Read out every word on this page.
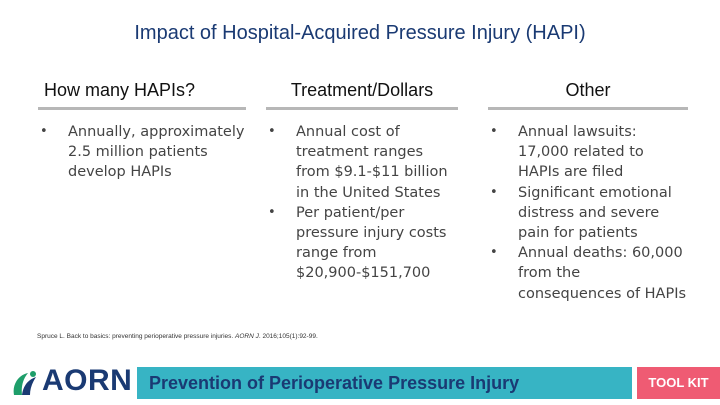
Impact of Hospital-Acquired Pressure Injury (HAPI)
How many HAPIs?
• Annually, approximately 2.5 million patients develop HAPIs
Treatment/Dollars
• Annual cost of treatment ranges from $9.1-$11 billion in the United States
• Per patient/per pressure injury costs range from $20,900-$151,700
Other
• Annual lawsuits: 17,000 related to HAPIs are filed
• Significant emotional distress and severe pain for patients
• Annual deaths: 60,000 from the consequences of HAPIs
Spruce L. Back to basics: preventing perioperative pressure injuries. AORN J. 2016;105(1):92-99.
AORN Prevention of Perioperative Pressure Injury	TOOL KIT
